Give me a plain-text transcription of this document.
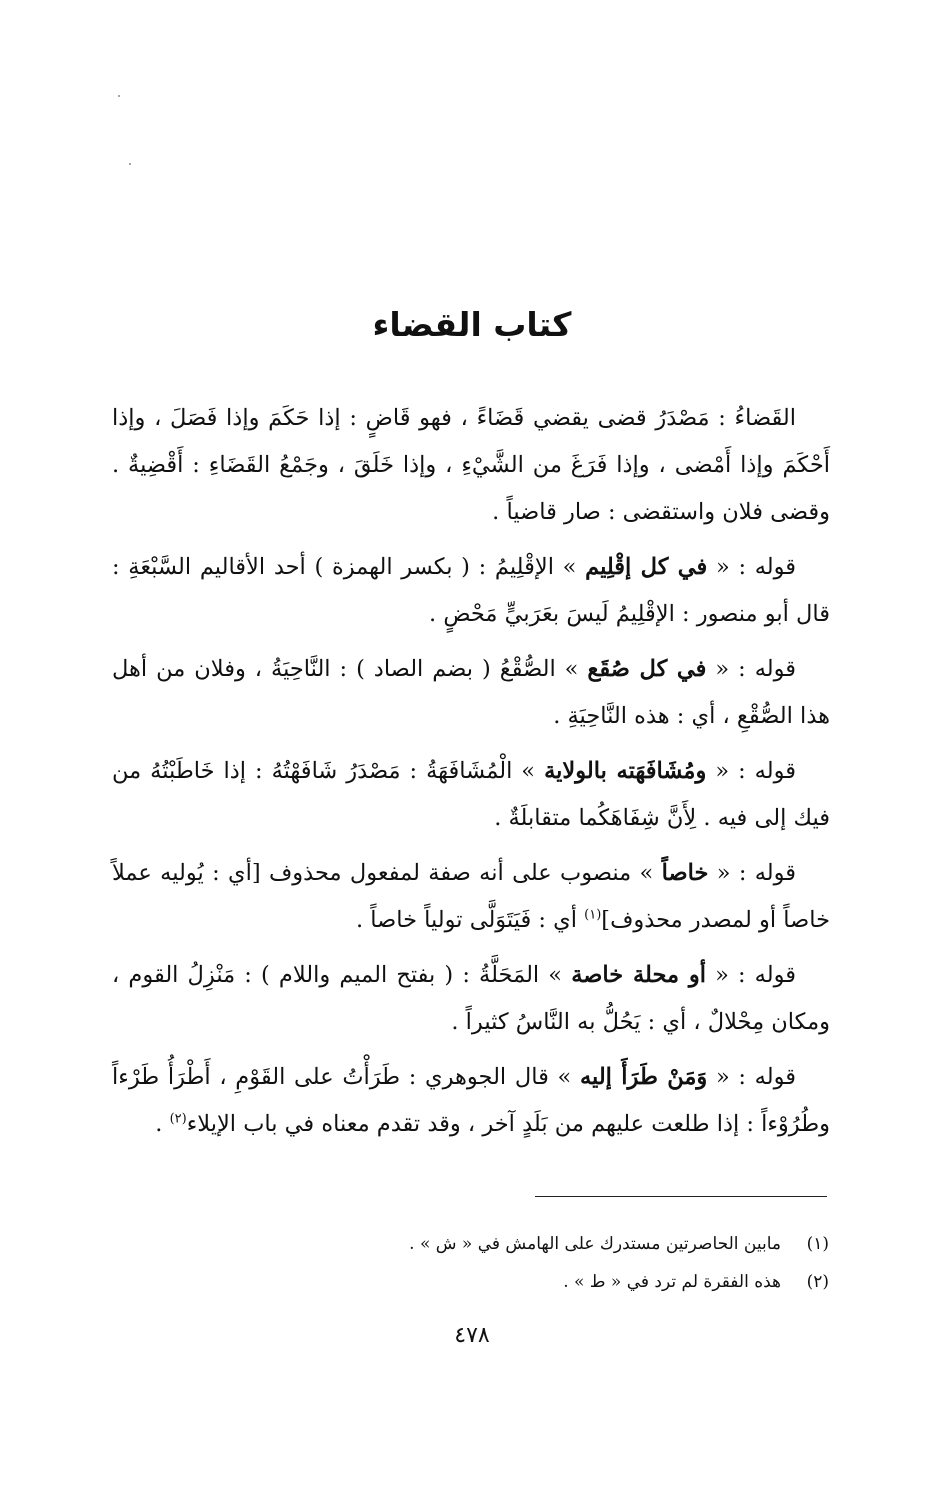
كتاب القضاء

القَضاءُ : مَصْدَرُ قضى يقضي قَضَاءً ، فهو قَاضٍ : إذا حَكَمَ وإذا فَصَلَ ، وإذا أَحْكَمَ وإذا أَمْضى ، وإذا فَرَغَ من الشَّيْءِ ، وإذا خَلَقَ ، وجَمْعُ القَضَاءِ : أَقْضِيةٌ . وقضى فلان واستقضى : صار قاضياً .

قوله : « في كل إقْلِيم » الإقْلِيمُ : ( بكسر الهمزة ) أحد الأقاليم السَّبْعَةِ : قال أبو منصور : الإقْلِيمُ لَيسَ بعَرَبيٍّ مَحْضٍ .

قوله : « في كل صُقَع » الصُّقْعُ ( بضم الصاد ) : النَّاحِيَةُ ، وفلان من أهل هذا الصُّقْعِ ، أي : هذه النَّاحِيَةِ .

قوله : « ومُشَافَهَته بالولاية » الْمُشَافَهَةُ : مَصْدَرُ شَافَهْتُهُ : إذا خَاطَبْتُهُ من فيك إلى فيه . لِأَنَّ شِفَاهَكُما متقابلَةٌ .

قوله : « خاصاً » منصوب على أنه صفة لمفعول محذوف [أي : يُوليه عملاً خاصاً أو لمصدر محذوف]$^{(١)}$ أي : فَيَتَوَلَّى تولياً خاصاً .

قوله : « أو محلة خاصة » المَحَلَّةُ : ( بفتح الميم واللام ) : مَنْزِلُ القوم ، ومكان مِحْلالٌ ، أي : يَحُلُّ به النَّاسُ كثيراً .

قوله : « وَمَنْ طَرَأَ إليه » قال الجوهري : طَرَأْتُ على القَوْمِ ، أَطْرَأُ طَرْءاً وطُرُوْءاً : إذا طلعت عليهم من بَلَدٍ آخر ، وقد تقدم معناه في باب الإيلاء$^{(٢)}$ .

(١)
مابين الحاصرتين مستدرك على الهامش في « ش » .
(٢)
هذه الفقرة لم ترد في « ط » .
٤٧٨
